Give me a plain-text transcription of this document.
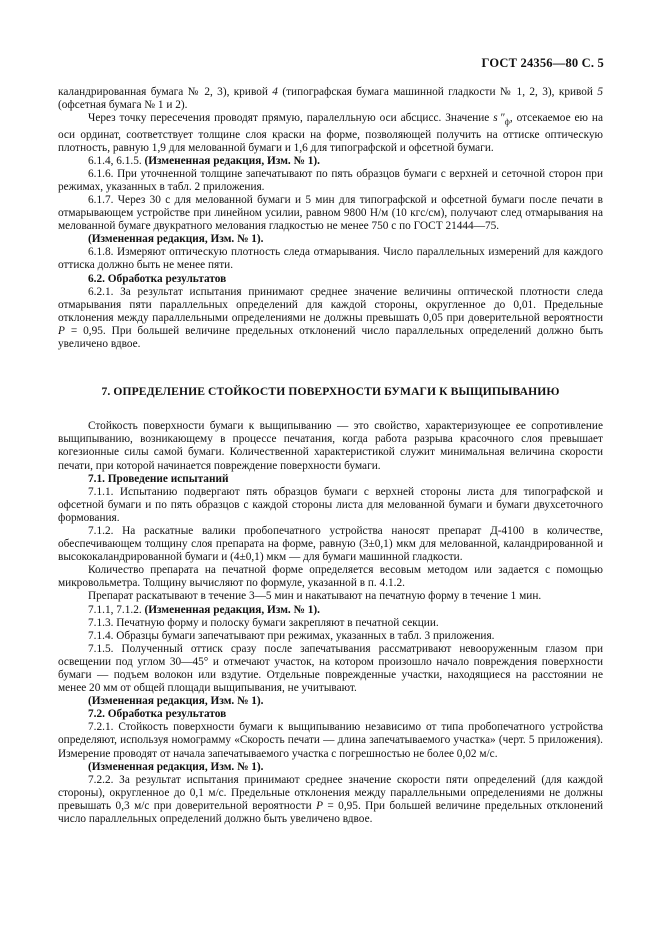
ГОСТ 24356—80 С. 5

каландрированная бумага № 2, 3), кривой 4 (типографская бумага машинной гладкости № 1, 2, 3), кривой 5 (офсетная бумага № 1 и 2).

Через точку пересечения проводят прямую, паралелльную оси абсцисс. Значение s $''_ф$, отсекаемое ею на оси ординат, соответствует толщине слоя краски на форме, позволяющей получить на оттиске оптическую плотность, равную 1,9 для мелованной бумаги и 1,6 для типографской и офсетной бумаги.

6.1.4, 6.1.5. (Измененная редакция, Изм. № 1).

6.1.6. При уточненной толщине запечатывают по пять образцов бумаги с верхней и сеточной сторон при режимах, указанных в табл. 2 приложения.

6.1.7. Через 30 с для мелованной бумаги и 5 мин для типографской и офсетной бумаги после печати в отмарывающем устройстве при линейном усилии, равном 9800 Н/м (10 кгс/см), получают след отмарывания на мелованной бумаге двукратного мелования гладкостью не менее 750 с по ГОСТ 21444—75.

(Измененная редакция, Изм. № 1).

6.1.8. Измеряют оптическую плотность следа отмарывания. Число параллельных измерений для каждого оттиска должно быть не менее пяти.

6.2. Обработка результатов

6.2.1. За результат испытания принимают среднее значение величины оптической плотности следа отмарывания пяти параллельных определений для каждой стороны, округленное до 0,01. Предельные отклонения между параллельными определениями не должны превышать 0,05 при доверительной вероятности P = 0,95. При большей величине предельных отклонений число параллельных определений должно быть увеличено вдвое.

7. ОПРЕДЕЛЕНИЕ СТОЙКОСТИ ПОВЕРХНОСТИ БУМАГИ К ВЫЩИПЫВАНИЮ

Стойкость поверхности бумаги к выщипыванию — это свойство, характеризующее ее сопротивление выщипыванию, возникающему в процессе печатания, когда работа разрыва красочного слоя превышает когезионные силы самой бумаги. Количественной характеристикой служит минимальная величина скорости печати, при которой начинается повреждение поверхности бумаги.

7.1. Проведение испытаний

7.1.1. Испытанию подвергают пять образцов бумаги с верхней стороны листа для типографской и офсетной бумаги и по пять образцов с каждой стороны листа для мелованной бумаги и бумаги двухсеточного формования.

7.1.2. На раскатные валики пробопечатного устройства наносят препарат Д-4100 в количестве, обеспечивающем толщину слоя препарата на форме, равную (3±0,1) мкм для мелованной, каландрированной и высококаландрированной бумаги и (4±0,1) мкм — для бумаги машинной гладкости.

Количество препарата на печатной форме определяется весовым методом или задается с помощью микровольметра. Толщину вычисляют по формуле, указанной в п. 4.1.2.

Препарат раскатывают в течение 3—5 мин и накатывают на печатную форму в течение 1 мин.

7.1.1, 7.1.2. (Измененная редакция, Изм. № 1).

7.1.3. Печатную форму и полоску бумаги закрепляют в печатной секции.

7.1.4. Образцы бумаги запечатывают при режимах, указанных в табл. 3 приложения.

7.1.5. Полученный оттиск сразу после запечатывания рассматривают невооруженным глазом при освещении под углом 30—45° и отмечают участок, на котором произошло начало повреждения поверхности бумаги — подъем волокон или вздутие. Отдельные поврежденные участки, находящиеся на расстоянии не менее 20 мм от общей площади выщипывания, не учитывают.

(Измененная редакция, Изм. № 1).

7.2. Обработка результатов

7.2.1. Стойкость поверхности бумаги к выщипыванию независимо от типа пробопечатного устройства определяют, используя номограмму «Скорость печати — длина запечатываемого участка» (черт. 5 приложения). Измерение проводят от начала запечатываемого участка с погрешностью не более 0,02 м/с.

(Измененная редакция, Изм. № 1).

7.2.2. За результат испытания принимают среднее значение скорости пяти определений (для каждой стороны), округленное до 0,1 м/с. Предельные отклонения между параллельными определениями не должны превышать 0,3 м/с при доверительной вероятности P = 0,95. При большей величине предельных отклонений число параллельных определений должно быть увеличено вдвое.
